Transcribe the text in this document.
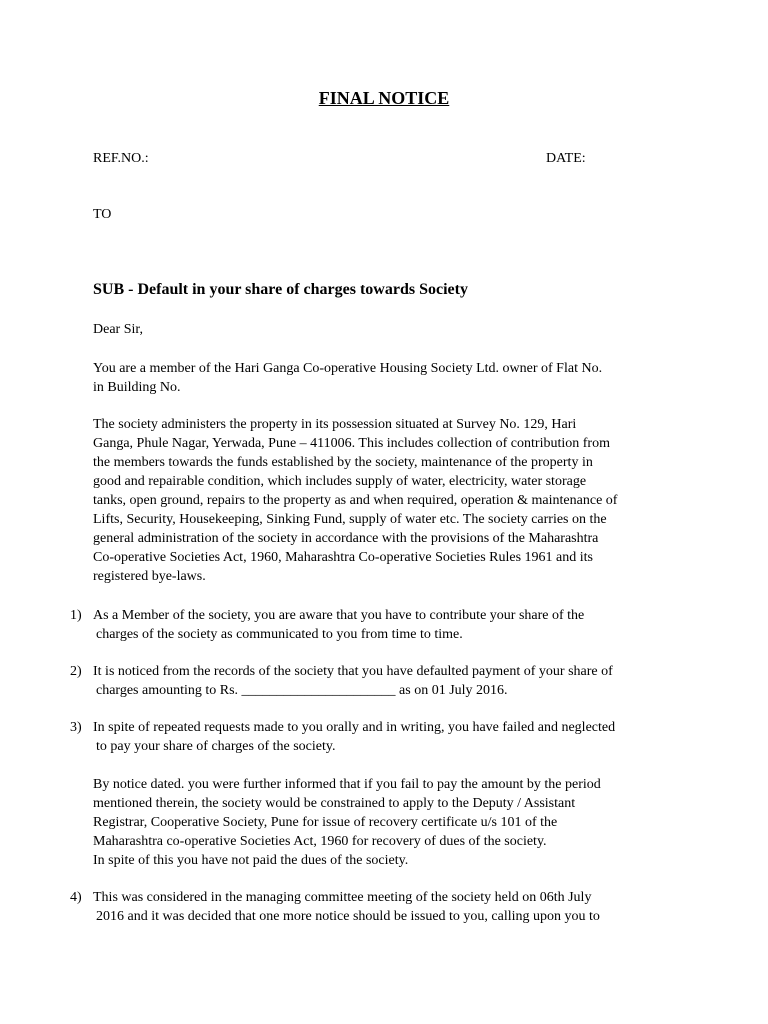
FINAL NOTICE
REF.NO.:	DATE:
TO
SUB - Default in your share of charges towards Society
Dear Sir,
You are a member of the Hari Ganga Co-operative Housing Society Ltd. owner of Flat No.
in Building No.
The society administers the property in its possession situated at Survey No. 129, Hari
Ganga, Phule Nagar, Yerwada, Pune – 411006. This includes collection of contribution from
the members towards the funds established by the society, maintenance of the property in
good and repairable condition, which includes supply of water, electricity, water storage
tanks, open ground, repairs to the property as and when required, operation & maintenance of
Lifts, Security, Housekeeping, Sinking Fund, supply of water etc. The society carries on the
general administration of the society in accordance with the provisions of the Maharashtra
Co-operative Societies Act, 1960, Maharashtra Co-operative Societies Rules 1961 and its
registered bye-laws.
1) As a Member of the society, you are aware that you have to contribute your share of the
charges of the society as communicated to you from time to time.
2) It is noticed from the records of the society that you have defaulted payment of your share of
charges amounting to Rs. ______________________ as on 01 July 2016.
3) In spite of repeated requests made to you orally and in writing, you have failed and neglected
to pay your share of charges of the society.
By notice dated. you were further informed that if you fail to pay the amount by the period
mentioned therein, the society would be constrained to apply to the Deputy / Assistant
Registrar, Cooperative Society, Pune for issue of recovery certificate u/s 101 of the
Maharashtra co-operative Societies Act, 1960 for recovery of dues of the society.
In spite of this you have not paid the dues of the society.
4) This was considered in the managing committee meeting of the society held on 06th July
2016 and it was decided that one more notice should be issued to you, calling upon you to
